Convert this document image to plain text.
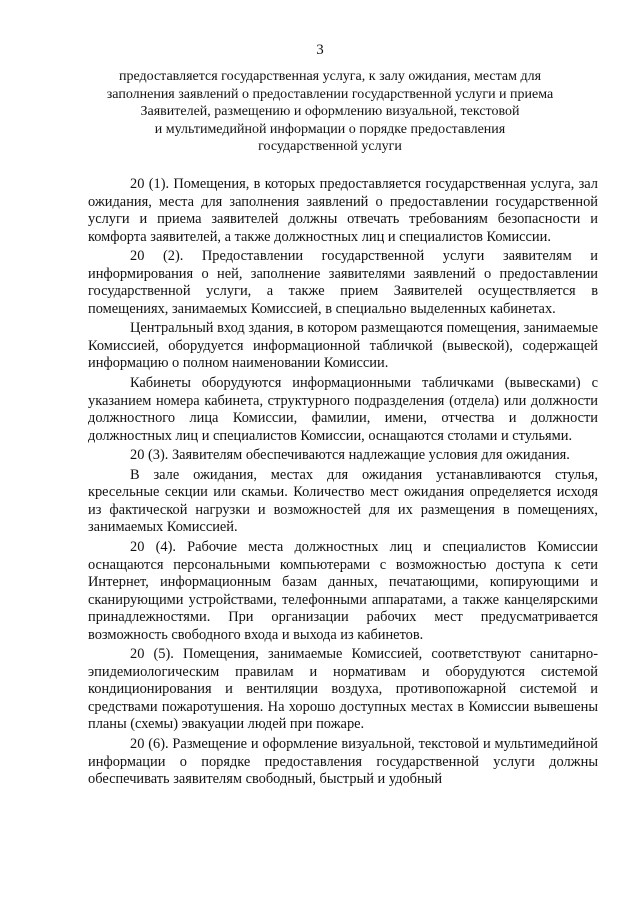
3
предоставляется государственная услуга, к залу ожидания, местам для
заполнения заявлений о предоставлении государственной услуги и приема
Заявителей, размещению и оформлению визуальной, текстовой
и мультимедийной информации о порядке предоставления
государственной услуги

20 (1). Помещения, в которых предоставляется государственная услуга, зал ожидания, места для заполнения заявлений о предоставлении государственной услуги и приема заявителей должны отвечать требованиям безопасности и комфорта заявителей, а также должностных лиц и специалистов Комиссии.

20 (2). Предоставлении государственной услуги заявителям и информирования о ней, заполнение заявителями заявлений о предоставлении государственной услуги, а также прием Заявителей осуществляется в помещениях, занимаемых Комиссией, в специально выделенных кабинетах.

Центральный вход здания, в котором размещаются помещения, занимаемые Комиссией, оборудуется информационной табличкой (вывеской), содержащей информацию о полном наименовании Комиссии.

Кабинеты оборудуются информационными табличками (вывесками) с указанием номера кабинета, структурного подразделения (отдела) или должности должностного лица Комиссии, фамилии, имени, отчества и должности должностных лиц и специалистов Комиссии, оснащаются столами и стульями.

20 (3). Заявителям обеспечиваются надлежащие условия для ожидания.

В зале ожидания, местах для ожидания устанавливаются стулья, кресельные секции или скамьи. Количество мест ожидания определяется исходя из фактической нагрузки и возможностей для их размещения в помещениях, занимаемых Комиссией.

20 (4). Рабочие места должностных лиц и специалистов Комиссии оснащаются персональными компьютерами с возможностью доступа к сети Интернет, информационным базам данных, печатающими, копирующими и сканирующими устройствами, телефонными аппаратами, а также канцелярскими принадлежностями. При организации рабочих мест предусматривается возможность свободного входа и выхода из кабинетов.

20 (5). Помещения, занимаемые Комиссией, соответствуют санитарно-эпидемиологическим правилам и нормативам и оборудуются системой кондиционирования и вентиляции воздуха, противопожарной системой и средствами пожаротушения. На хорошо доступных местах в Комиссии вывешены планы (схемы) эвакуации людей при пожаре.

20 (6). Размещение и оформление визуальной, текстовой и мультимедийной информации о порядке предоставления государственной услуги должны обеспечивать заявителям свободный, быстрый и удобный
